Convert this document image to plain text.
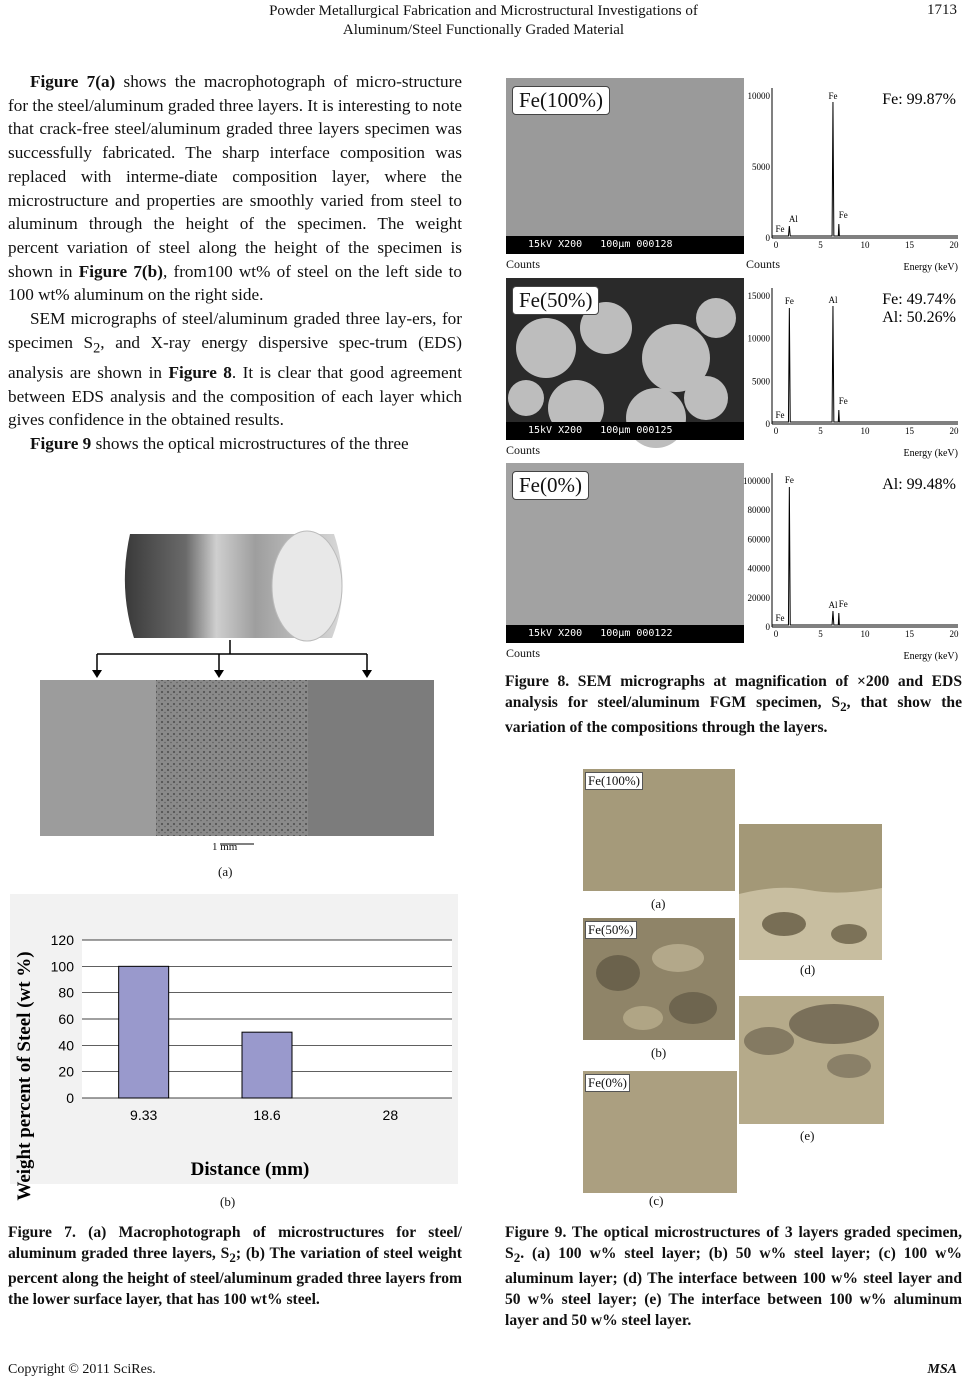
Powder Metallurgical Fabrication and Microstructural Investigations of
Aluminum/Steel Functionally Graded Material
1713

Figure 7(a) shows the macrophotograph of micro-structure for the steel/aluminum graded three layers. It is interesting to note that crack-free steel/aluminum graded three layers specimen was successfully fabricated. The sharp interface composition was replaced with interme-diate composition layer, where the microstructure and properties are smoothly varied from steel to aluminum through the height of the specimen. The weight percent variation of steel along the height of the specimen is shown in Figure 7(b), from100 wt% of steel on the left side to 100 wt% aluminum on the right side.

SEM micrographs of steel/aluminum graded three lay-ers, for specimen $S_2$, and X-ray energy dispersive spec-trum (EDS) analysis are shown in Figure 8. It is clear that good agreement between EDS analysis and the composition of each layer which gives confidence in the obtained results.

Figure 9 shows the optical microstructures of the three

1 mm
(a)
0
20
40
60
80
100
120
9.33	18.6	28
Weight percent of Steel (wt %)	Distance (mm)
(b)

Figure 7. (a) Macrophotograph of microstructures for steel/ aluminum graded three layers, $S_2$; (b) The variation of steel weight percent along the height of steel/aluminum graded three layers from the lower surface layer, that has 100 wt% steel.

Fe(100%)
15kV X200   100µm 000128
Counts	Counts
10000
5000
0
0	5	10	15	20
Energy (keV)
Fe: 99.87%
Fe
Al	Fe
Fe
Fe(50%)
15kV X200   100µm 000125
Counts
15000
10000
5000
0
0	5	10	15	20
Energy (keV)
Fe: 49.74%
Al: 50.26%
Al
Fe
Fe
Fe
Fe(0%)
15kV X200   100µm 000122
Counts
100000
80000
60000
40000
20000
0
0	5	10	15	20
Energy (keV)
Al: 99.48%
Al
Fe
Fe
Fe

Figure 8. SEM micrographs at magnification of ×200 and EDS analysis for steel/aluminum FGM specimen, $S_2$, that show the variation of the compositions through the layers.

Fe(100%)
(a)
Fe(50%)
(b)
Fe(0%)
(c)
(d)
(e)

Figure 9. The optical microstructures of 3 layers graded specimen, $S_2$. (a) 100 w% steel layer; (b) 50 w% steel layer; (c) 100 w% aluminum layer; (d) The interface between 100 w% steel layer and 50 w% steel layer; (e) The interface between 100 w% aluminum layer and 50 w% steel layer.

Copyright © 2011 SciRes.	MSA
